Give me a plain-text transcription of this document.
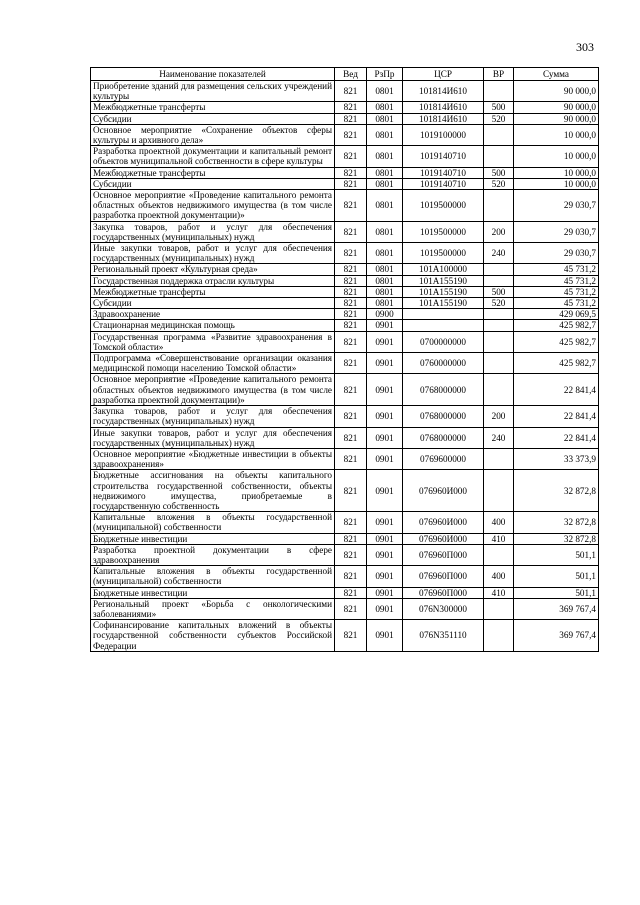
303
Наименование показателей	Вед	РзПр	ЦСР	ВР	Сумма
Приобретение зданий для размещения сельских учреждений культуры	821	0801	101814И610		90 000,0
Межбюджетные трансферты	821	0801	101814И610	500	90 000,0
Субсидии	821	0801	101814И610	520	90 000,0
Основное мероприятие «Сохранение объектов сферы культуры и архивного дела»	821	0801	1019100000		10 000,0
Разработка проектной документации и капитальный ремонт объектов муниципальной собственности в сфере культуры	821	0801	1019140710		10 000,0
Межбюджетные трансферты	821	0801	1019140710	500	10 000,0
Субсидии	821	0801	1019140710	520	10 000,0
Основное мероприятие «Проведение капитального ремонта областных объектов недвижимого имущества (в том числе разработка проектной документации)»	821	0801	1019500000		29 030,7
Закупка товаров, работ и услуг для обеспечения государственных (муниципальных) нужд	821	0801	1019500000	200	29 030,7
Иные закупки товаров, работ и услуг для обеспечения государственных (муниципальных) нужд	821	0801	1019500000	240	29 030,7
Региональный проект «Культурная среда»	821	0801	101A100000		45 731,2
Государственная поддержка отрасли культуры	821	0801	101A155190		45 731,2
Межбюджетные трансферты	821	0801	101A155190	500	45 731,2
Субсидии	821	0801	101A155190	520	45 731,2
Здравоохранение	821	0900			429 069,5
Стационарная медицинская помощь	821	0901			425 982,7
Государственная программа «Развитие здравоохранения в Томской области»	821	0901	0700000000		425 982,7
Подпрограмма «Совершенствование организации оказания медицинской помощи населению Томской области»	821	0901	0760000000		425 982,7
Основное мероприятие «Проведение капитального ремонта областных объектов недвижимого имущества (в том числе разработка проектной документации)»	821	0901	0768000000		22 841,4
Закупка товаров, работ и услуг для обеспечения государственных (муниципальных) нужд	821	0901	0768000000	200	22 841,4
Иные закупки товаров, работ и услуг для обеспечения государственных (муниципальных) нужд	821	0901	0768000000	240	22 841,4
Основное мероприятие «Бюджетные инвестиции в объекты здравоохранения»	821	0901	0769600000		33 373,9
Бюджетные ассигнования на объекты капитального строительства государственной собственности, объекты недвижимого имущества, приобретаемые в государственную собственность	821	0901	076960И000		32 872,8
Капитальные вложения в объекты государственной (муниципальной) собственности	821	0901	076960И000	400	32 872,8
Бюджетные инвестиции	821	0901	076960И000	410	32 872,8
Разработка проектной документации в сфере здравоохранения	821	0901	076960П000		501,1
Капитальные вложения в объекты государственной (муниципальной) собственности	821	0901	076960П000	400	501,1
Бюджетные инвестиции	821	0901	076960П000	410	501,1
Региональный проект «Борьба с онкологическими заболеваниями»	821	0901	076N300000		369 767,4
Софинансирование капитальных вложений в объекты государственной собственности субъектов Российской Федерации	821	0901	076N351110		369 767,4
